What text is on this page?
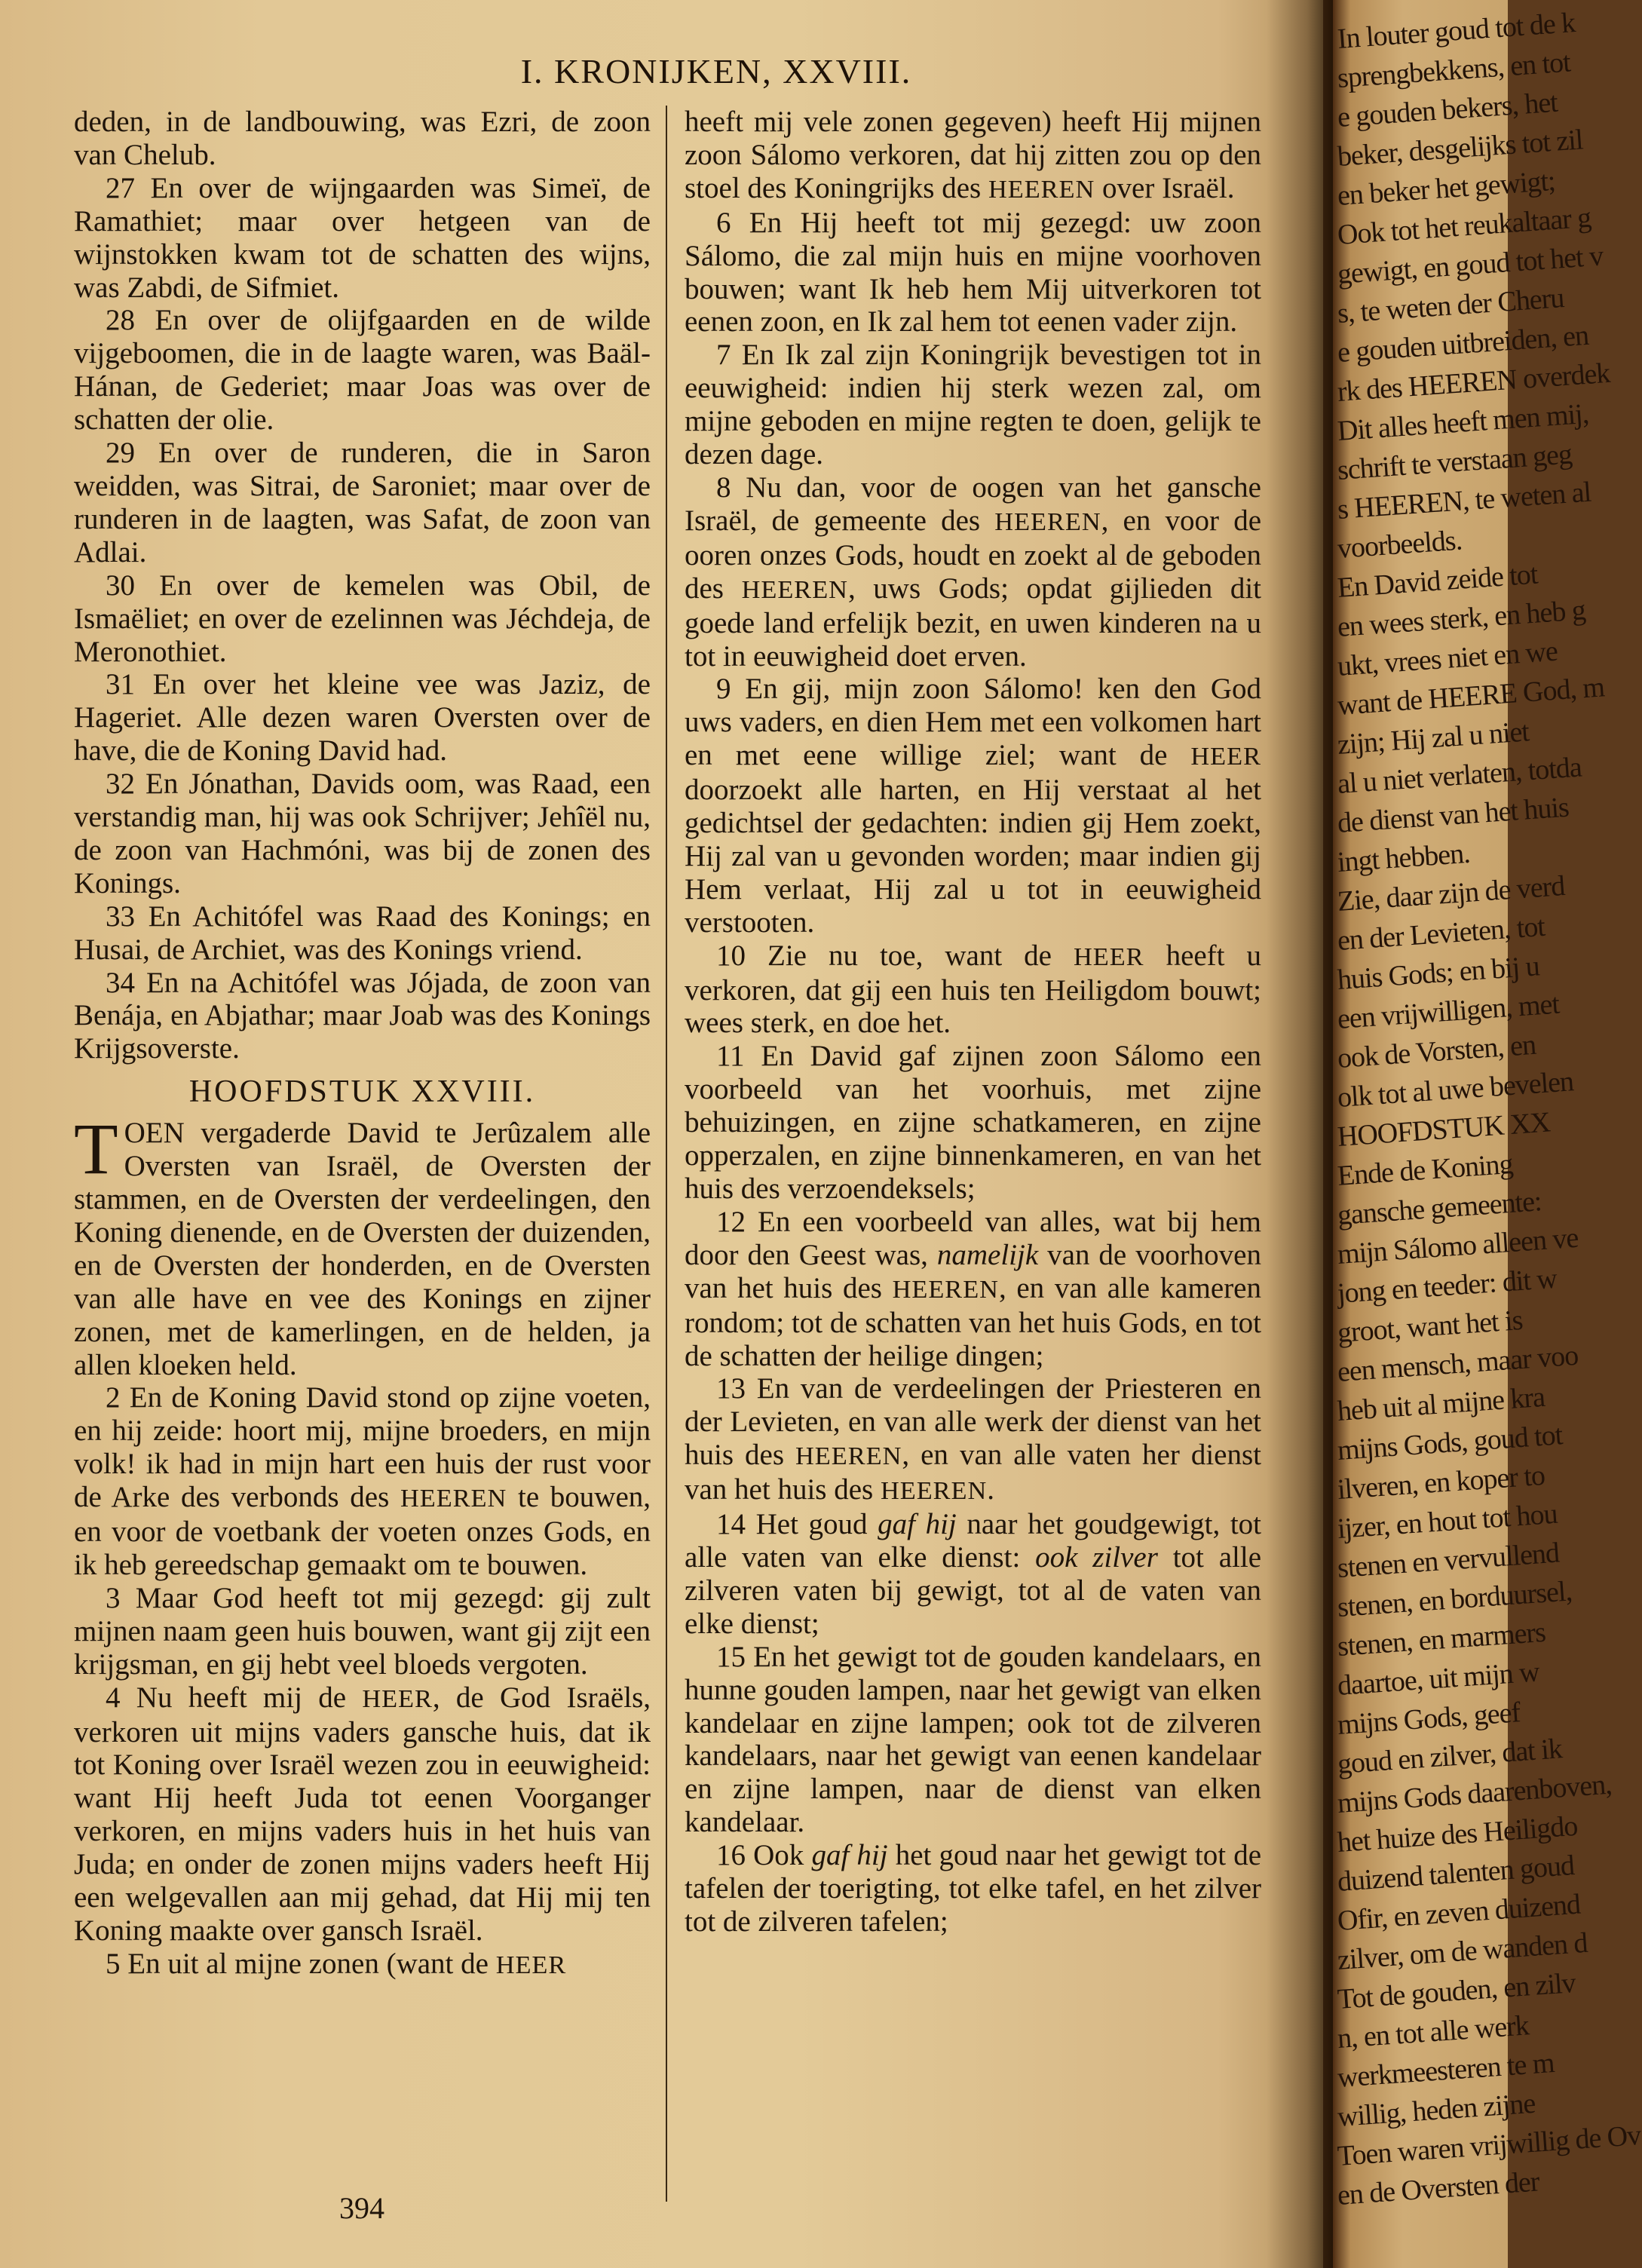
I. KRONIJKEN, XXVIII.

deden, in de landbouwing, was Ezri, de zoon van Chelub.

27 En over de wijngaarden was Simeï, de Ramathiet; maar over hetgeen van de wijnstokken kwam tot de schatten des wijns, was Zabdi, de Sifmiet.

28 En over de olijfgaarden en de wilde vijgeboomen, die in de laagte waren, was Baäl-Hánan, de Gederiet; maar Joas was over de schatten der olie.

29 En over de runderen, die in Saron weidden, was Sitrai, de Saroniet; maar over de runderen in de laagten, was Safat, de zoon van Adlai.

30 En over de kemelen was Obil, de Ismaëliet; en over de ezelinnen was Jéchdeja, de Meronothiet.

31 En over het kleine vee was Jaziz, de Hageriet. Alle dezen waren Oversten over de have, die de Koning David had.

32 En Jónathan, Davids oom, was Raad, een verstandig man, hij was ook Schrijver; Jehîël nu, de zoon van Hachmóni, was bij de zonen des Konings.

33 En Achitófel was Raad des Konings; en Husai, de Archiet, was des Konings vriend.

34 En na Achitófel was Jójada, de zoon van Benája, en Abjathar; maar Joab was des Konings Krijgsoverste.

HOOFDSTUK XXVIII.

TOEN vergaderde David te Jerûzalem alle Oversten van Israël, de Oversten der stammen, en de Oversten der verdeelingen, den Koning dienende, en de Oversten der duizenden, en de Oversten der honderden, en de Oversten van alle have en vee des Konings en zijner zonen, met de kamerlingen, en de helden, ja allen kloeken held.

2 En de Koning David stond op zijne voeten, en hij zeide: hoort mij, mijne broeders, en mijn volk! ik had in mijn hart een huis der rust voor de Arke des verbonds des HEEREN te bouwen, en voor de voetbank der voeten onzes Gods, en ik heb gereedschap gemaakt om te bouwen.

3 Maar God heeft tot mij gezegd: gij zult mijnen naam geen huis bouwen, want gij zijt een krijgsman, en gij hebt veel bloeds vergoten.

4 Nu heeft mij de HEER, de God Israëls, verkoren uit mijns vaders gansche huis, dat ik tot Koning over Israël wezen zou in eeuwigheid: want Hij heeft Juda tot eenen Voorganger verkoren, en mijns vaders huis in het huis van Juda; en onder de zonen mijns vaders heeft Hij een welgevallen aan mij gehad, dat Hij mij ten Koning maakte over gansch Israël.

5 En uit al mijne zonen (want de HEER

heeft mij vele zonen gegeven) heeft Hij mijnen zoon Sálomo verkoren, dat hij zitten zou op den stoel des Koningrijks des HEEREN over Israël.

6 En Hij heeft tot mij gezegd: uw zoon Sálomo, die zal mijn huis en mijne voorhoven bouwen; want Ik heb hem Mij uitverkoren tot eenen zoon, en Ik zal hem tot eenen vader zijn.

7 En Ik zal zijn Koningrijk bevestigen tot in eeuwigheid: indien hij sterk wezen zal, om mijne geboden en mijne regten te doen, gelijk te dezen dage.

8 Nu dan, voor de oogen van het gansche Israël, de gemeente des HEEREN, en voor de ooren onzes Gods, houdt en zoekt al de geboden des HEEREN, uws Gods; opdat gijlieden dit goede land erfelijk bezit, en uwen kinderen na u tot in eeuwigheid doet erven.

9 En gij, mijn zoon Sálomo! ken den God uws vaders, en dien Hem met een volkomen hart en met eene willige ziel; want de HEER doorzoekt alle harten, en Hij verstaat al het gedichtsel der gedachten: indien gij Hem zoekt, Hij zal van u gevonden worden; maar indien gij Hem verlaat, Hij zal u tot in eeuwigheid verstooten.

10 Zie nu toe, want de HEER heeft u verkoren, dat gij een huis ten Heiligdom bouwt; wees sterk, en doe het.

11 En David gaf zijnen zoon Sálomo een voorbeeld van het voorhuis, met zijne behuizingen, en zijne schatkameren, en zijne opperzalen, en zijne binnenkameren, en van het huis des verzoendeksels;

12 En een voorbeeld van alles, wat bij hem door den Geest was, namelijk van de voorhoven van het huis des HEEREN, en van alle kameren rondom; tot de schatten van het huis Gods, en tot de schatten der heilige dingen;

13 En van de verdeelingen der Priesteren en der Levieten, en van alle werk der dienst van het huis des HEEREN, en van alle vaten her dienst van het huis des HEEREN.

14 Het goud gaf hij naar het goudgewigt, tot alle vaten van elke dienst: ook zilver tot alle zilveren vaten bij gewigt, tot al de vaten van elke dienst;

15 En het gewigt tot de gouden kandelaars, en hunne gouden lampen, naar het gewigt van elken kandelaar en zijne lampen; ook tot de zilveren kandelaars, naar het gewigt van eenen kandelaar en zijne lampen, naar de dienst van elken kandelaar.

16 Ook gaf hij het goud naar het gewigt tot de tafelen der toerigting, tot elke tafel, en het zilver tot de zilveren tafelen;

394
In louter goud tot de k
sprengbekkens, en tot
e gouden bekers, het
beker, desgelijks tot zil
en beker het gewigt;
Ook tot het reukaltaar g
gewigt, en goud tot het v
s, te weten der Cheru
e gouden uitbreiden, en
rk des HEEREN overdek
Dit alles heeft men mij,
schrift te verstaan geg
s HEEREN, te weten al
voorbeelds.
En David zeide tot
en wees sterk, en heb g
ukt, vrees niet en we
want de HEERE God, m
zijn; Hij zal u niet
al u niet verlaten, totda
de dienst van het huis
ingt hebben.
Zie, daar zijn de verd
en der Levieten, tot
huis Gods; en bij u
een vrijwilligen, met
ook de Vorsten, en
olk tot al uwe bevelen
HOOFDSTUK XX
Ende de Koning
gansche gemeente:
mijn Sálomo alleen ve
jong en teeder: dit w
groot, want het is
een mensch, maar voo
heb uit al mijne kra
mijns Gods, goud tot
ilveren, en koper to
ijzer, en hout tot hou
stenen en vervullend
stenen, en borduursel,
stenen, en marmers
daartoe, uit mijn w
mijns Gods, geef
goud en zilver, dat ik
mijns Gods daarenboven,
het huize des Heiligdo
duizend talenten goud
Ofir, en zeven duizend
zilver, om de wanden d
Tot de gouden, en zilv
n, en tot alle werk
werkmeesteren te m
willig, heden zijne
Toen waren vrijwillig de Ov
en de Oversten der
